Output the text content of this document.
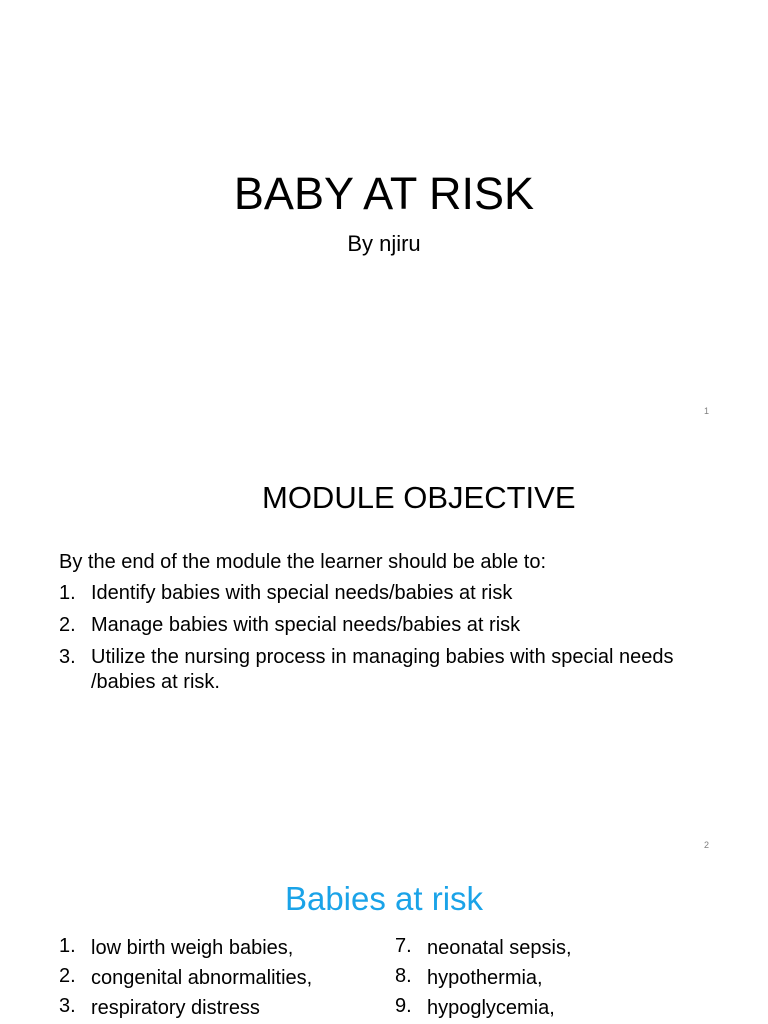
BABY AT RISK
By njiru
1
MODULE OBJECTIVE
By the end of the module the learner should be able to:
1. Identify babies with special needs/babies at risk
2. Manage babies with special needs/babies at risk
3. Utilize the nursing process in managing babies with special needs /babies at risk.
2
Babies at risk
1. low birth weigh babies,
2. congenital abnormalities,
3. respiratory distress
7. neonatal sepsis,
8. hypothermia,
9. hypoglycemia,
